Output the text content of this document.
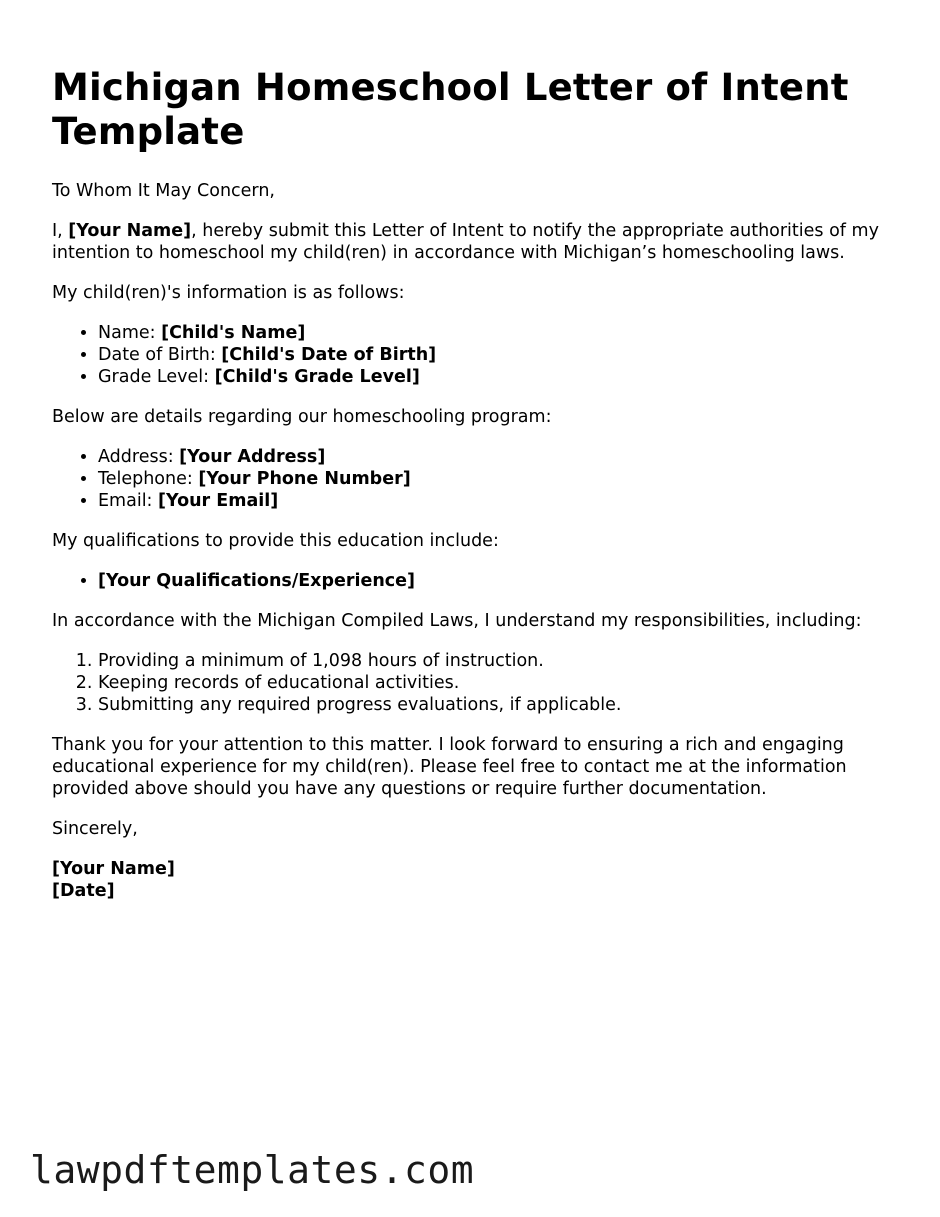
Michigan Homeschool Letter of Intent Template

To Whom It May Concern,

I, [Your Name], hereby submit this Letter of Intent to notify the appropriate authorities of my intention to homeschool my child(ren) in accordance with Michigan’s homeschooling laws.

My child(ren)'s information is as follows:

• Name: [Child's Name]
• Date of Birth: [Child's Date of Birth]
• Grade Level: [Child's Grade Level]

Below are details regarding our homeschooling program:

• Address: [Your Address]
• Telephone: [Your Phone Number]
• Email: [Your Email]

My qualifications to provide this education include:

• [Your Qualifications/Experience]

In accordance with the Michigan Compiled Laws, I understand my responsibilities, including:

1. Providing a minimum of 1,098 hours of instruction.
2. Keeping records of educational activities.
3. Submitting any required progress evaluations, if applicable.

Thank you for your attention to this matter. I look forward to ensuring a rich and engaging educational experience for my child(ren). Please feel free to contact me at the information provided above should you have any questions or require further documentation.

Sincerely,

[Your Name]
[Date]
lawpdftemplates.com
